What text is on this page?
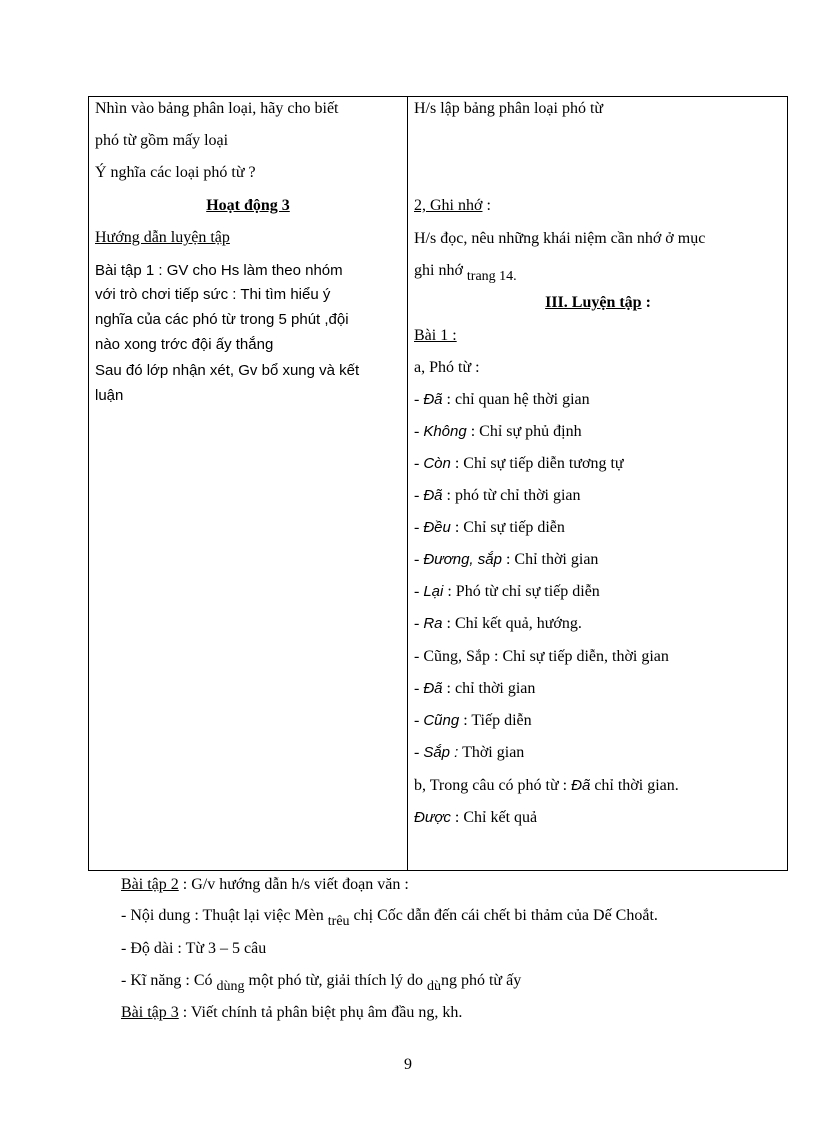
Nhìn vào bảng phân loại, hãy cho biết
phó từ gồm mấy loại
Ý nghĩa các loại phó từ ?
Hoạt động 3
Hướng dẫn luyện tập
Bài tập 1 : GV cho Hs làm theo nhóm
với trò chơi tiếp sức : Thi tìm hiểu ý
nghĩa của các phó từ trong 5 phút ,đội
nào xong trớc đội ấy thắng
Sau đó lớp nhận xét, Gv bổ xung và kết
luận
H/s lập bảng phân loại phó từ
2, Ghi nhớ :
H/s đọc, nêu những khái niệm cần nhớ ở mục
ghi nhớ trang 14.
III. Luyện tập :
Bài 1 :
a, Phó từ :
- Đã : chỉ quan hệ thời gian
- Không : Chỉ sự phủ định
- Còn : Chỉ sự tiếp diễn tương tự
- Đã : phó từ chỉ thời gian
- Đều : Chỉ sự tiếp diễn
- Đương, sắp : Chỉ thời gian
- Lại : Phó từ chỉ sự tiếp diễn
- Ra : Chỉ kết quả, hướng.
- Cũng, Sắp : Chỉ sự tiếp diễn, thời gian
- Đã : chỉ thời gian
- Cũng : Tiếp diễn
- Sắp : Thời gian
b, Trong câu có phó từ : Đã chỉ thời gian.
Được : Chỉ kết quả
Bài tập 2 : G/v hướng dẫn h/s viết đoạn văn :
- Nội dung : Thuật lại việc Mèn trêu chị Cốc dẫn đến cái chết bi thảm của Dế Choắt.
- Độ dài : Từ 3 – 5 câu
- Kĩ năng : Có dùng một phó từ, giải thích lý do dùng phó từ ấy
Bài tập 3 : Viết chính tả phân biệt phụ âm đầu ng, kh.
9
